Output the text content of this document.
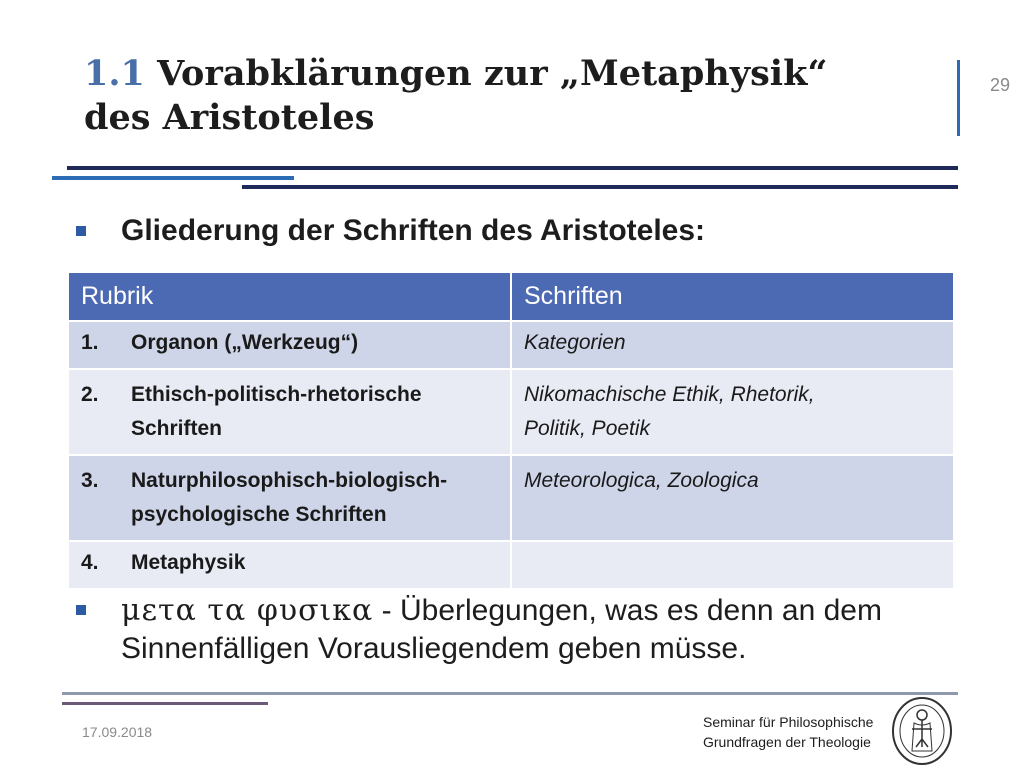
1.1 Vorabklärungen zur „Metaphysik“
des Aristoteles
29
Gliederung der Schriften des Aristoteles:
Rubrik	Schriften

1. Organon („Werkzeug“)	Kategorien

2. Ethisch-politisch-rhetorische
Schriften	Nikomachische Ethik, Rhetorik,
Politik, Poetik

3. Naturphilosophisch-biologisch-
psychologische Schriften	Meteorologica, Zoologica

4. Metaphysik	

μετα τα φυσικα - Überlegungen, was es denn an dem
Sinnenfälligen Vorausliegendem geben müsse.
17.09.2018
Seminar für Philosophische
Grundfragen der Theologie
